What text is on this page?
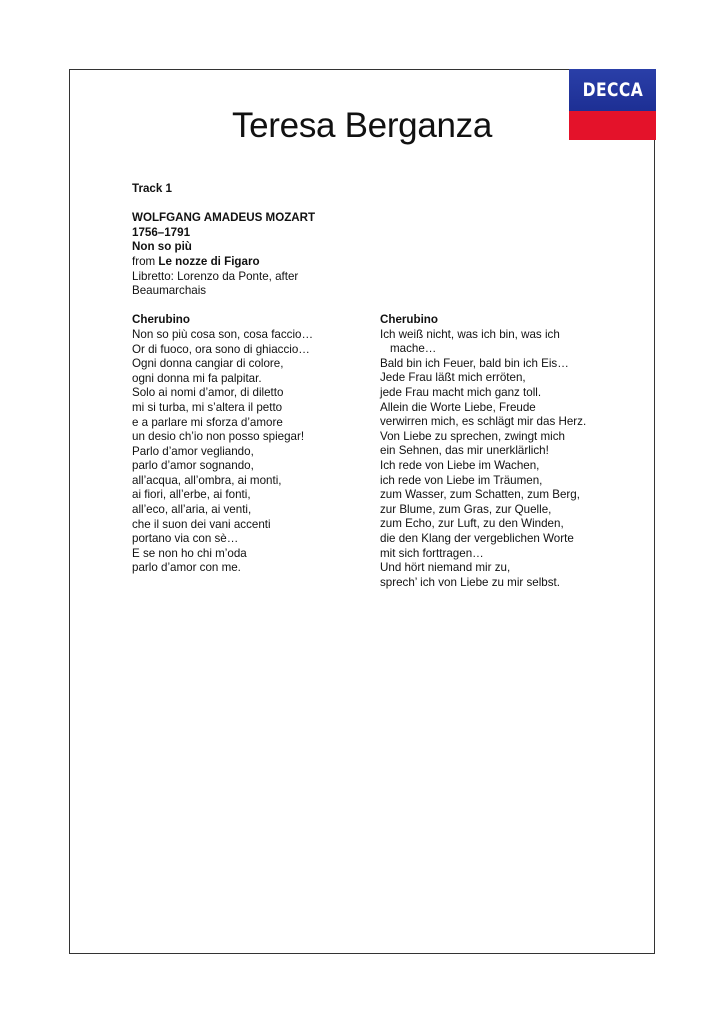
DECCA
Teresa Berganza
Track 1
WOLFGANG AMADEUS MOZART
1756–1791
Non so più
from Le nozze di Figaro
Libretto: Lorenzo da Ponte, after
Beaumarchais
Cherubino
Non so più cosa son, cosa faccio…
Or di fuoco, ora sono di ghiaccio…
Ogni donna cangiar di colore,
ogni donna mi fa palpitar.
Solo ai nomi d’amor, di diletto
mi si turba, mi s’altera il petto
e a parlare mi sforza d’amore
un desio ch’io non posso spiegar!
Parlo d’amor vegliando,
parlo d’amor sognando,
all’acqua, all’ombra, ai monti,
ai fiori, all’erbe, ai fonti,
all’eco, all’aria, ai venti,
che il suon dei vani accenti
portano via con sè…
E se non ho chi m’oda
parlo d’amor con me.
Cherubino
Ich weiß nicht, was ich bin, was ich
mache…
Bald bin ich Feuer, bald bin ich Eis…
Jede Frau läßt mich erröten,
jede Frau macht mich ganz toll.
Allein die Worte Liebe, Freude
verwirren mich, es schlägt mir das Herz.
Von Liebe zu sprechen, zwingt mich
ein Sehnen, das mir unerklärlich!
Ich rede von Liebe im Wachen,
ich rede von Liebe im Träumen,
zum Wasser, zum Schatten, zum Berg,
zur Blume, zum Gras, zur Quelle,
zum Echo, zur Luft, zu den Winden,
die den Klang der vergeblichen Worte
mit sich forttragen…
Und hört niemand mir zu,
sprech’ ich von Liebe zu mir selbst.
